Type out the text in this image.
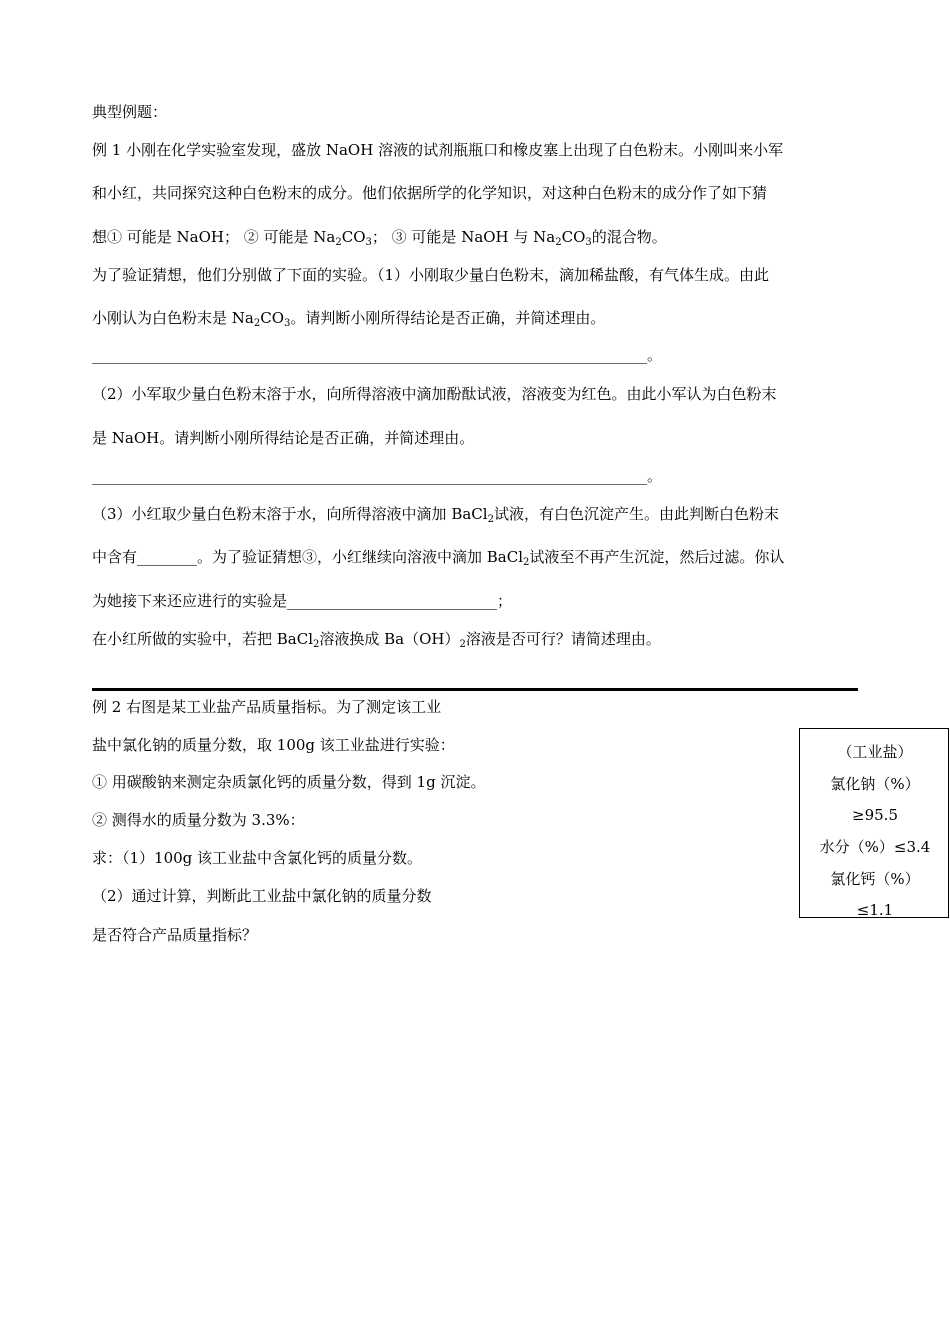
典型例题：
例 1 小刚在化学实验室发现，盛放 NaOH 溶液的试剂瓶瓶口和橡皮塞上出现了白色粉末。小刚叫来小军
和小红，共同探究这种白色粉末的成分。他们依据所学的化学知识，对这种白色粉末的成分作了如下猜
想① 可能是 NaOH； ② 可能是 $Na_2CO_3$； ③ 可能是 NaOH 与 $Na_2CO_3$的混合物。
为了验证猜想，他们分别做了下面的实验。（1）小刚取少量白色粉末，滴加稀盐酸，有气体生成。由此
小刚认为白色粉末是 $Na_2CO_3$。请判断小刚所得结论是否正确，并简述理由。
__________________________________________________________________________。
（2）小军取少量白色粉末溶于水，向所得溶液中滴加酚酞试液，溶液变为红色。由此小军认为白色粉末
是 NaOH。请判断小刚所得结论是否正确，并简述理由。
__________________________________________________________________________。
（3）小红取少量白色粉末溶于水，向所得溶液中滴加 BaCl$_2$试液，有白色沉淀产生。由此判断白色粉末
中含有________。为了验证猜想③，小红继续向溶液中滴加 BaCl$_2$试液至不再产生沉淀，然后过滤。你认
为她接下来还应进行的实验是____________________________；
在小红所做的实验中，若把 BaCl$_2$溶液换成 $Ba(OH)_2$溶液是否可行？请简述理由。
例 2 右图是某工业盐产品质量指标。为了测定该工业
盐中氯化钠的质量分数，取 100g 该工业盐进行实验：
① 用碳酸钠来测定杂质氯化钙的质量分数，得到 1g 沉淀。
② 测得水的质量分数为 3.3%：
求：（1）100g 该工业盐中含氯化钙的质量分数。
（2）通过计算，判断此工业盐中氯化钠的质量分数
是否符合产品质量指标？
（工业盐）
氯化钠（%）
≥95.5
水分（%）≤3.4
氯化钙（%）
≤1.1
